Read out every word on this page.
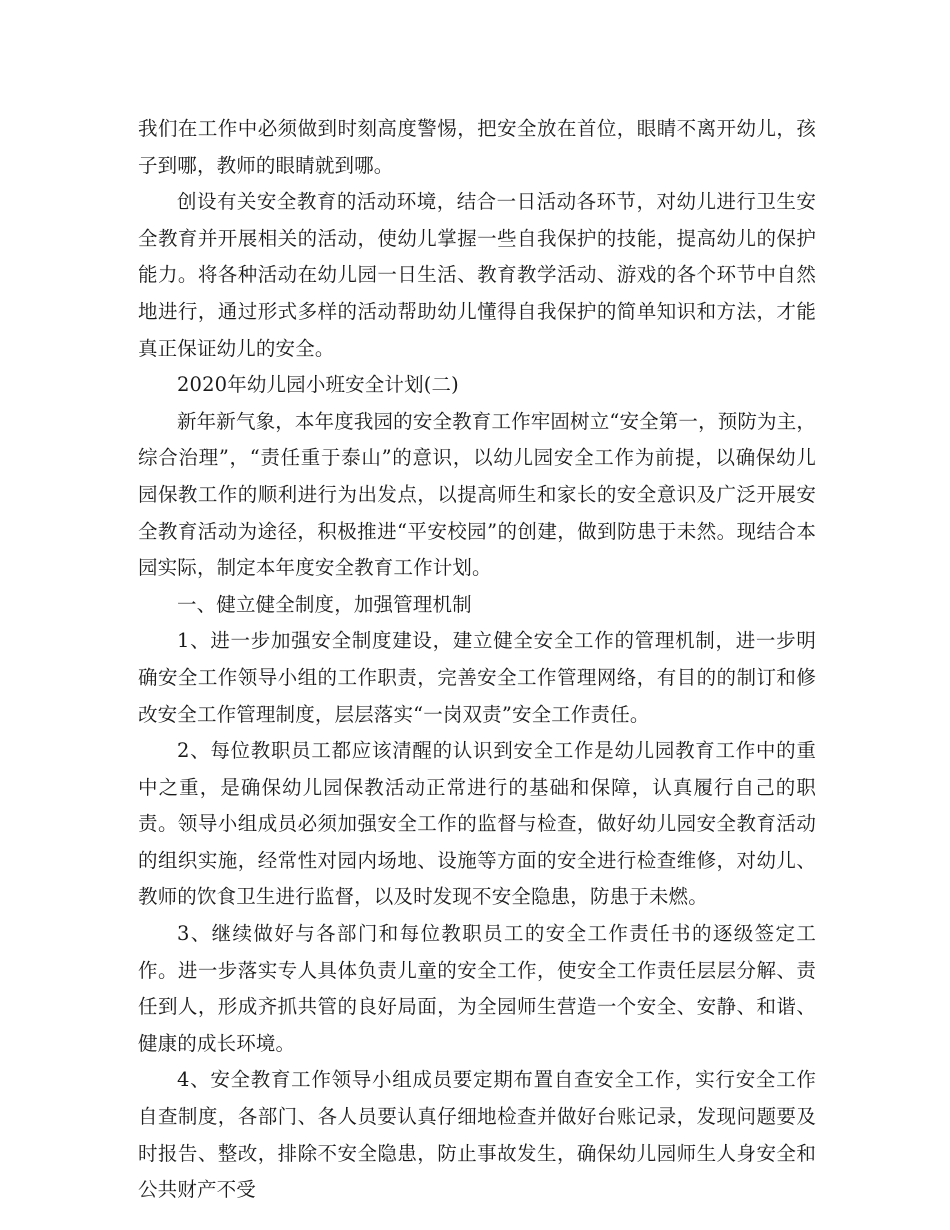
我们在工作中必须做到时刻高度警惕，把安全放在首位，眼睛不离开幼儿，孩子到哪，教师的眼睛就到哪。

创设有关安全教育的活动环境，结合一日活动各环节，对幼儿进行卫生安全教育并开展相关的活动，使幼儿掌握一些自我保护的技能，提高幼儿的保护能力。将各种活动在幼儿园一日生活、教育教学活动、游戏的各个环节中自然地进行，通过形式多样的活动帮助幼儿懂得自我保护的简单知识和方法，才能真正保证幼儿的安全。

2020年幼儿园小班安全计划(二)

新年新气象，本年度我园的安全教育工作牢固树立“安全第一，预防为主，综合治理”，“责任重于泰山”的意识，以幼儿园安全工作为前提，以确保幼儿园保教工作的顺利进行为出发点，以提高师生和家长的安全意识及广泛开展安全教育活动为途径，积极推进“平安校园”的创建，做到防患于未然。现结合本园实际，制定本年度安全教育工作计划。

一、健立健全制度，加强管理机制

1、进一步加强安全制度建设，建立健全安全工作的管理机制，进一步明确安全工作领导小组的工作职责，完善安全工作管理网络，有目的的制订和修改安全工作管理制度，层层落实“一岗双责”安全工作责任。

2、每位教职员工都应该清醒的认识到安全工作是幼儿园教育工作中的重中之重，是确保幼儿园保教活动正常进行的基础和保障，认真履行自己的职责。领导小组成员必须加强安全工作的监督与检查，做好幼儿园安全教育活动的组织实施，经常性对园内场地、设施等方面的安全进行检查维修，对幼儿、教师的饮食卫生进行监督，以及时发现不安全隐患，防患于未燃。

3、继续做好与各部门和每位教职员工的安全工作责任书的逐级签定工作。进一步落实专人具体负责儿童的安全工作，使安全工作责任层层分解、责任到人，形成齐抓共管的良好局面，为全园师生营造一个安全、安静、和谐、健康的成长环境。

4、安全教育工作领导小组成员要定期布置自查安全工作，实行安全工作自查制度，各部门、各人员要认真仔细地检查并做好台账记录，发现问题要及时报告、整改，排除不安全隐患，防止事故发生，确保幼儿园师生人身安全和公共财产不受
